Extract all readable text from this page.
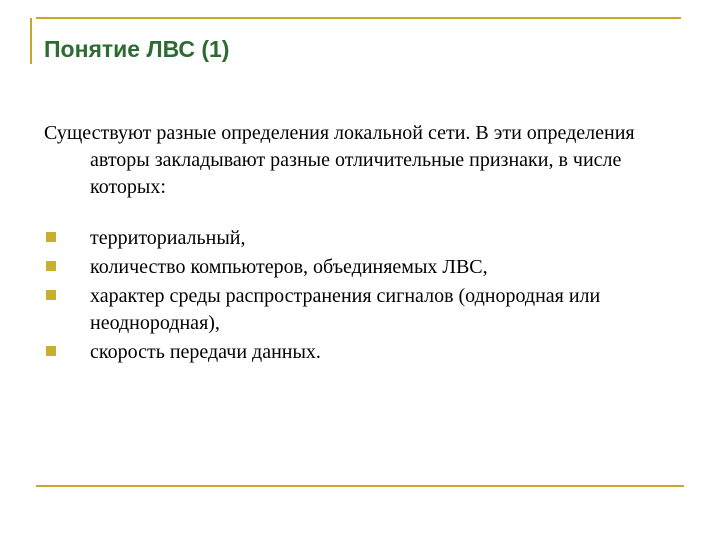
Понятие ЛВС (1)

Существуют разные определения локальной сети. В эти определения авторы закладывают разные отличительные признаки, в числе которых:

территориальный,
количество компьютеров, объединяемых ЛВС,
характер среды распространения сигналов (однородная или неоднородная),
скорость передачи данных.
